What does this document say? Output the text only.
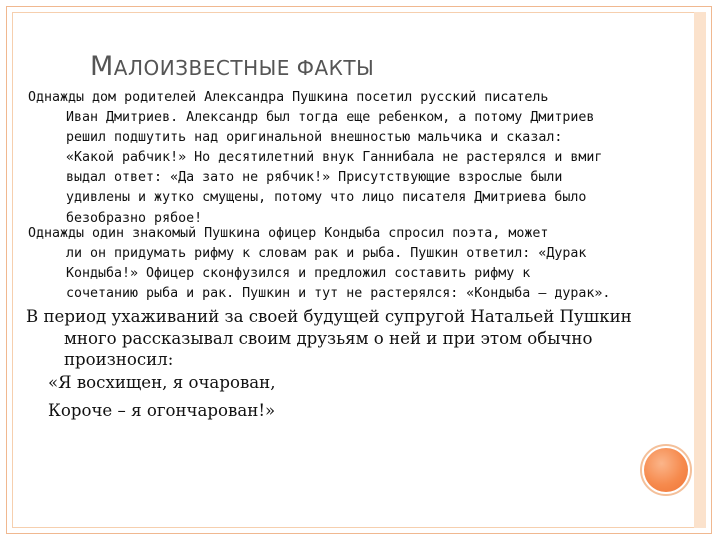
МАЛОИЗВЕСТНЫЕ ФАКТЫ
Однажды дом родителей Александра Пушкина посетил русский писатель
Иван Дмитриев. Александр был тогда еще ребенком, а потому Дмитриев
решил подшутить над оригинальной внешностью мальчика и сказал:
«Какой рабчик!» Но десятилетний внук Ганнибала не растерялся и вмиг
выдал ответ: «Да зато не рябчик!» Присутствующие взрослые были
удивлены и жутко смущены, потому что лицо писателя Дмитриева было
безобразно рябое!
Однажды один знакомый Пушкина офицер Кондыба спросил поэта, может
ли он придумать рифму к словам рак и рыба. Пушкин ответил: «Дурак
Кондыба!» Офицер сконфузился и предложил составить рифму к
сочетанию рыба и рак. Пушкин и тут не растерялся: «Кондыба – дурак».
В период ухаживаний за своей будущей супругой Натальей Пушкин
много рассказывал своим друзьям о ней и при этом обычно
произносил:
«Я восхищен, я очарован,
Короче – я огончарован!»
